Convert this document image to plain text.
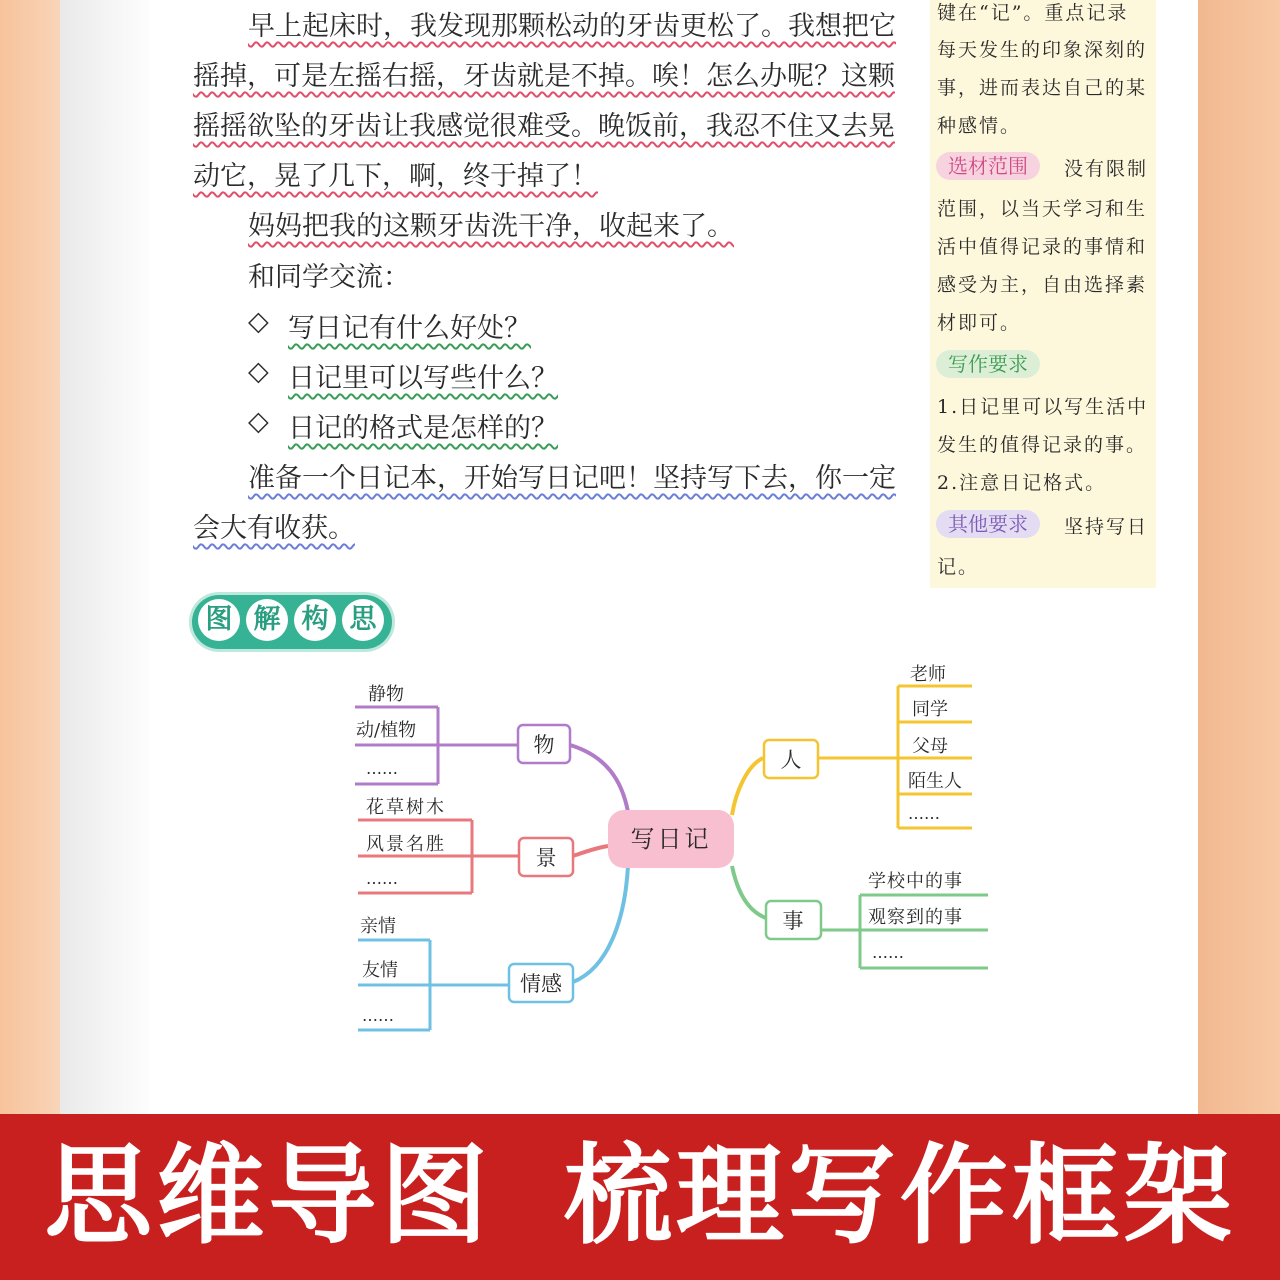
早上起床时，我发现那颗松动的牙齿更松了。我想把它

摇掉，可是左摇右摇，牙齿就是不掉。唉！怎么办呢？这颗

摇摇欲坠的牙齿让我感觉很难受。晚饭前，我忍不住又去晃

动它，晃了几下，啊，终于掉了！

妈妈把我的这颗牙齿洗干净，收起来了。

和同学交流：

◇ 写日记有什么好处？
◇ 日记里可以写些什么？
◇ 日记的格式是怎样的？

准备一个日记本，开始写日记吧！坚持写下去，你一定

会大有收获。

键在“记”。重点记录
每天发生的印象深刻的
事，进而表达自己的某
种感情。
选材范围	没有限制
范围，以当天学习和生
活中值得记录的事情和
感受为主，自由选择素
材即可。
写作要求
1.日记里可以写生活中
发生的值得记录的事。
2.注意日记格式。
其他要求	坚持写日
记。
图 解 构 思
物
静物
动/植物
……
景
花草树木
风景名胜
……
情感
亲情
友情
……
人
老师
同学
父母
陌生人
……
事
学校中的事
观察到的事
……
写日记
思维导图 梳理写作框架
